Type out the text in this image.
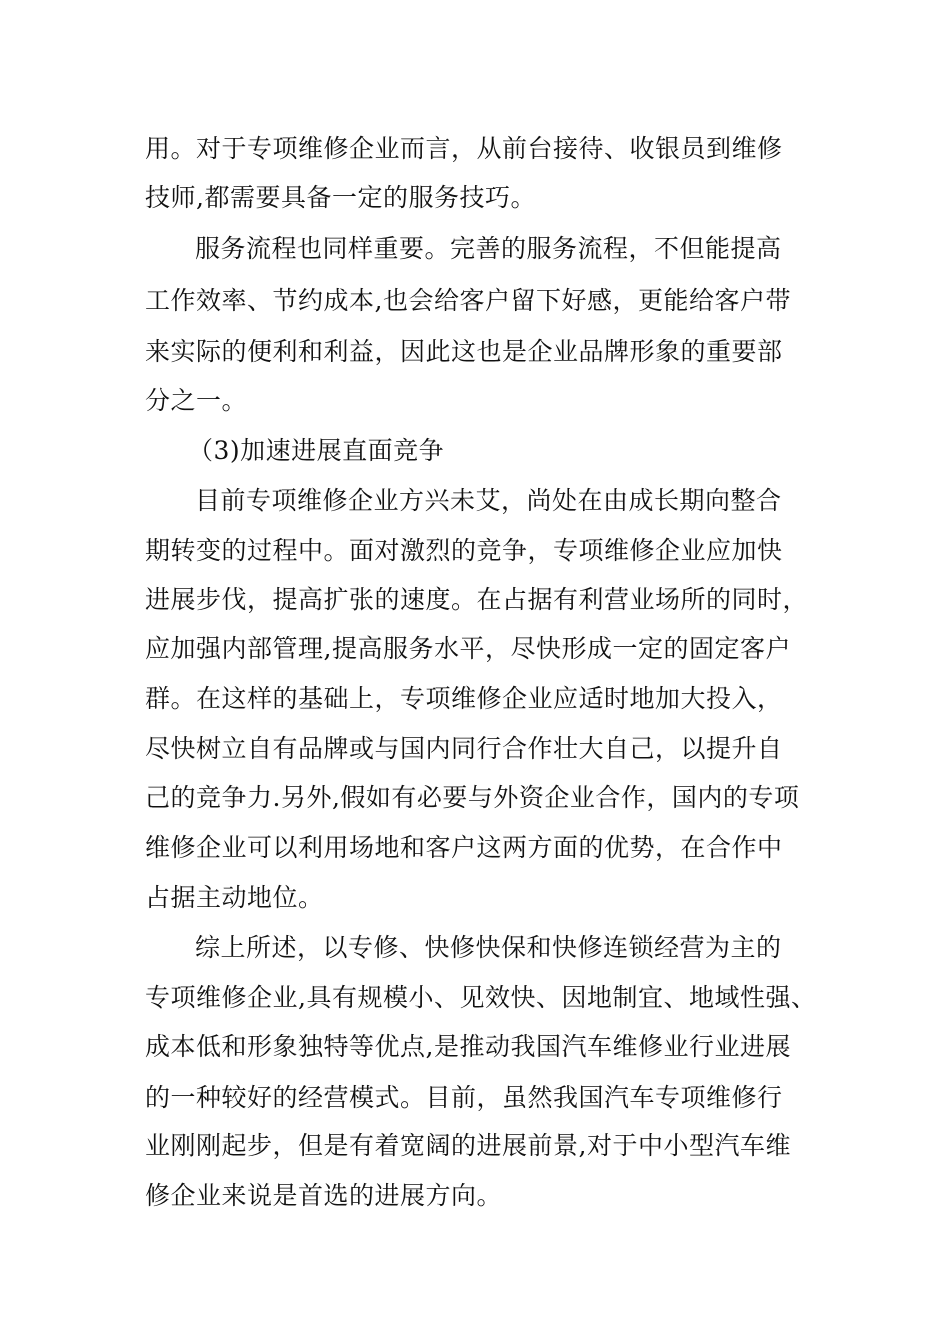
用。对于专项维修企业而言，从前台接待、收银员到维修
技师,都需要具备一定的服务技巧。
服务流程也同样重要。完善的服务流程，不但能提高
工作效率、节约成本,也会给客户留下好感，更能给客户带
来实际的便利和利益，因此这也是企业品牌形象的重要部
分之一。
（3)加速进展直面竞争
目前专项维修企业方兴未艾，尚处在由成长期向整合
期转变的过程中。面对激烈的竞争，专项维修企业应加快
进展步伐，提高扩张的速度。在占据有利营业场所的同时，
应加强内部管理,提高服务水平，尽快形成一定的固定客户
群。在这样的基础上，专项维修企业应适时地加大投入，
尽快树立自有品牌或与国内同行合作壮大自己，以提升自
己的竞争力.另外,假如有必要与外资企业合作，国内的专项
维修企业可以利用场地和客户这两方面的优势，在合作中
占据主动地位。
综上所述，以专修、快修快保和快修连锁经营为主的
专项维修企业,具有规模小、见效快、因地制宜、地域性强、
成本低和形象独特等优点,是推动我国汽车维修业行业进展
的一种较好的经营模式。目前，虽然我国汽车专项维修行
业刚刚起步，但是有着宽阔的进展前景,对于中小型汽车维
修企业来说是首选的进展方向。
